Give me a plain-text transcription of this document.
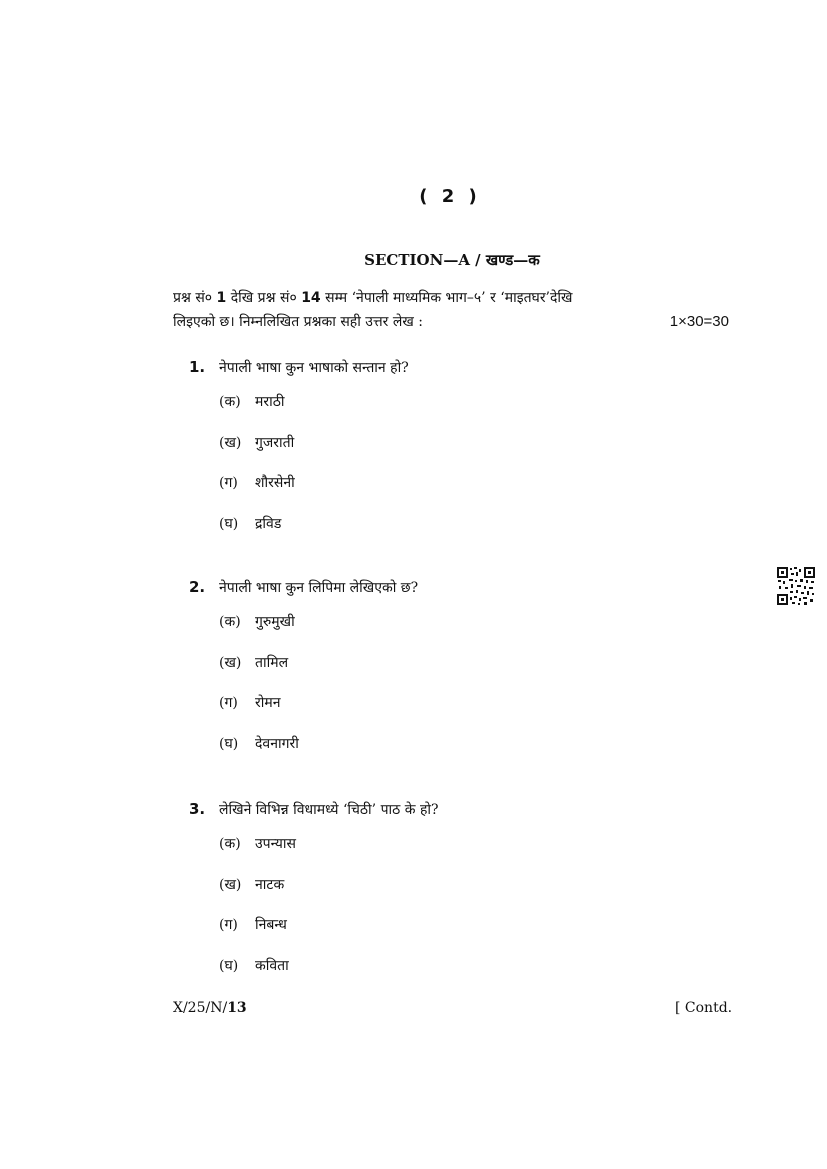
( 2 )
SECTION—A / खण्ड—क
प्रश्न सं० 1 देखि प्रश्न सं० 14 सम्म ‘नेपाली माध्यमिक भाग–५’ र ‘माइतघर’देखि
लिइएको छ। निम्नलिखित प्रश्नका सही उत्तर लेख :	1×30=30
1. नेपाली भाषा कुन भाषाको सन्तान हो?
(क) मराठी
(ख) गुजराती
(ग) शौरसेनी
(घ) द्रविड
2. नेपाली भाषा कुन लिपिमा लेखिएको छ?
(क) गुरुमुखी
(ख) तामिल
(ग) रोमन
(घ) देवनागरी
3. लेखिने विभिन्न विधामध्ये ‘चिठी’ पाठ के हो?
(क) उपन्यास
(ख) नाटक
(ग) निबन्ध
(घ) कविता
X/25/N/13	[ Contd.
